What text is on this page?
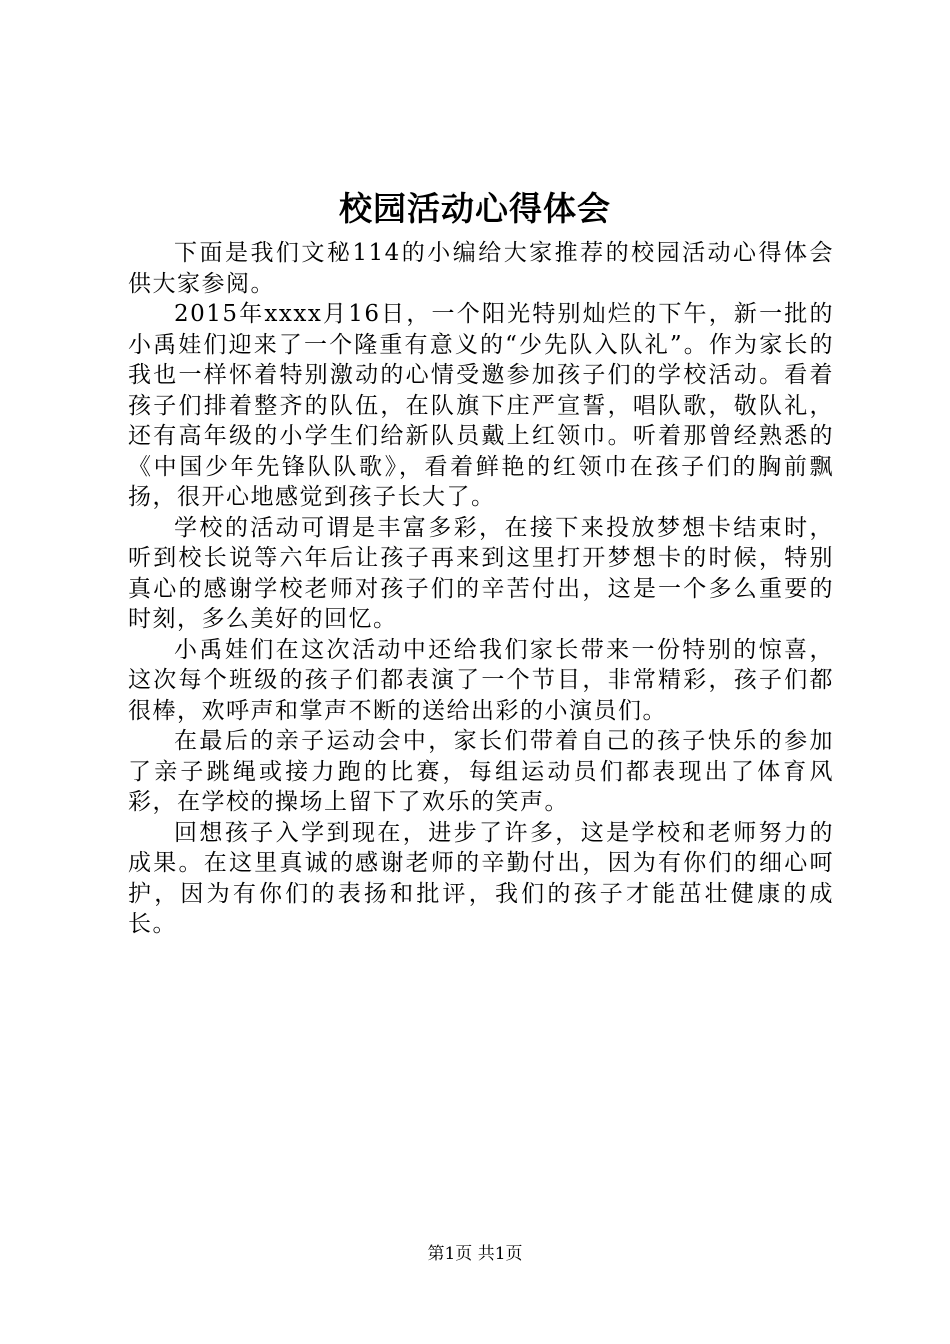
校园活动心得体会

下面是我们文秘114的小编给大家推荐的校园活动心得体会供大家参阅。

2015年xxxx月16日，一个阳光特别灿烂的下午，新一批的小禹娃们迎来了一个隆重有意义的“少先队入队礼”。作为家长的我也一样怀着特别激动的心情受邀参加孩子们的学校活动。看着孩子们排着整齐的队伍，在队旗下庄严宣誓，唱队歌，敬队礼，还有高年级的小学生们给新队员戴上红领巾。听着那曾经熟悉的《中国少年先锋队队歌》，看着鲜艳的红领巾在孩子们的胸前飘扬，很开心地感觉到孩子长大了。

学校的活动可谓是丰富多彩，在接下来投放梦想卡结束时，听到校长说等六年后让孩子再来到这里打开梦想卡的时候，特别真心的感谢学校老师对孩子们的辛苦付出，这是一个多么重要的时刻，多么美好的回忆。

小禹娃们在这次活动中还给我们家长带来一份特别的惊喜，这次每个班级的孩子们都表演了一个节目，非常精彩，孩子们都很棒，欢呼声和掌声不断的送给出彩的小演员们。

在最后的亲子运动会中，家长们带着自己的孩子快乐的参加了亲子跳绳或接力跑的比赛，每组运动员们都表现出了体育风彩，在学校的操场上留下了欢乐的笑声。

回想孩子入学到现在，进步了许多，这是学校和老师努力的成果。在这里真诚的感谢老师的辛勤付出，因为有你们的细心呵护，因为有你们的表扬和批评，我们的孩子才能茁壮健康的成长。

第1页 共1页
